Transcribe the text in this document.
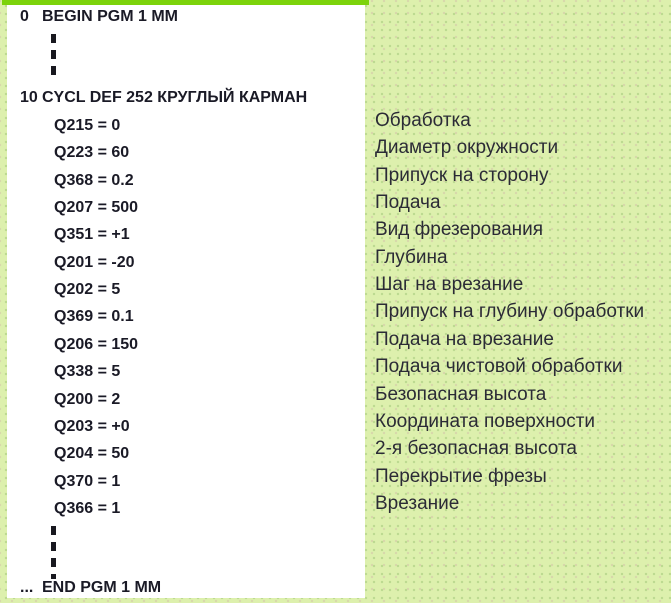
0 BEGIN PGM 1 MM
10 CYCL DEF 252 КРУГЛЫЙ КАРМАН
Q215 = 0
Q223 = 60
Q368 = 0.2
Q207 = 500
Q351 = +1
Q201 = -20
Q202 = 5
Q369 = 0.1
Q206 = 150
Q338 = 5
Q200 = 2
Q203 = +0
Q204 = 50
Q370 = 1
Q366 = 1
... END PGM 1 MM
Обработка
Диаметр окружности
Припуск на сторону
Подача
Вид фрезерования
Глубина
Шаг на врезание
Припуск на глубину обработки
Подача на врезание
Подача чистовой обработки
Безопасная высота
Координата поверхности
2-я безопасная высота
Перекрытие фрезы
Врезание
